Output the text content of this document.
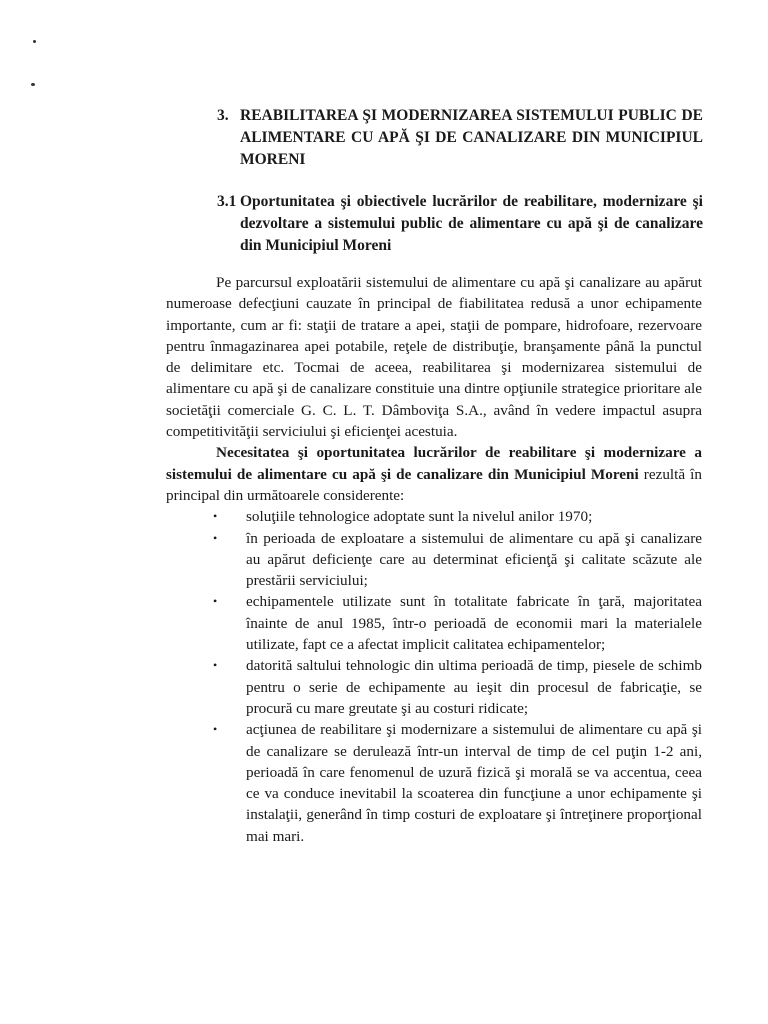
3. REABILITAREA ŞI MODERNIZAREA SISTEMULUI PUBLIC DE ALIMENTARE CU APĂ ŞI DE CANALIZARE DIN MUNICIPIUL MORENI
3.1 Oportunitatea şi obiectivele lucrărilor de reabilitare, modernizare şi dezvoltare a sistemului public de alimentare cu apă şi de canalizare din Municipiul Moreni

Pe parcursul exploatării sistemului de alimentare cu apă şi canalizare au apărut numeroase defecţiuni cauzate în principal de fiabilitatea redusă a unor echipamente importante, cum ar fi: staţii de tratare a apei, staţii de pompare, hidrofoare, rezervoare pentru înmagazinarea apei potabile, reţele de distribuţie, branşamente până la punctul de delimitare etc. Tocmai de aceea, reabilitarea şi modernizarea sistemului de alimentare cu apă şi de canalizare constituie una dintre opţiunile strategice prioritare ale societăţii comerciale G. C. L. T. Dâmboviţa S.A., având în vedere impactul asupra competitivităţii serviciului şi eficienţei acestuia.

Necesitatea şi oportunitatea lucrărilor de reabilitare şi modernizare a sistemului de alimentare cu apă şi de canalizare din Municipiul Moreni rezultă în principal din următoarele considerente:

• soluţiile tehnologice adoptate sunt la nivelul anilor 1970;
• în perioada de exploatare a sistemului de alimentare cu apă şi canalizare au apărut deficienţe care au determinat eficienţă şi calitate scăzute ale prestării serviciului;
• echipamentele utilizate sunt în totalitate fabricate în ţară, majoritatea înainte de anul 1985, într-o perioadă de economii mari la materialele utilizate, fapt ce a afectat implicit calitatea echipamentelor;
• datorită saltului tehnologic din ultima perioadă de timp, piesele de schimb pentru o serie de echipamente au ieşit din procesul de fabricaţie, se procură cu mare greutate şi au costuri ridicate;
• acţiunea de reabilitare şi modernizare a sistemului de alimentare cu apă şi de canalizare se derulează într-un interval de timp de cel puţin 1-2 ani, perioadă în care fenomenul de uzură fizică şi morală se va accentua, ceea ce va conduce inevitabil la scoaterea din funcţiune a unor echipamente şi instalaţii, generând în timp costuri de exploatare şi întreţinere proporţional mai mari.
